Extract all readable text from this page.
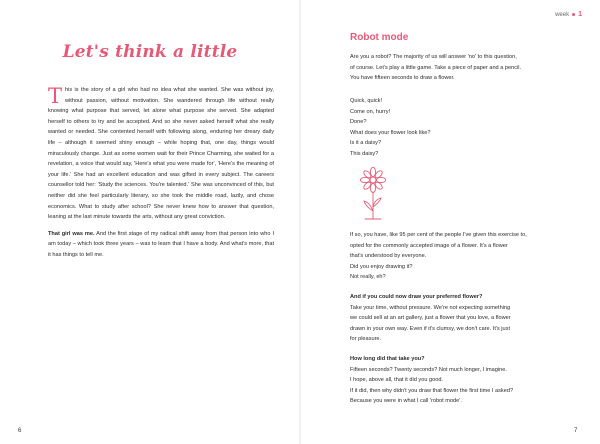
Let's think a little

This is the story of a girl who had no idea what she wanted. She was without joy, without passion, without motivation. She wandered through life without really knowing what purpose that served, let alone what purpose she served. She adapted herself to others to try and be accepted. And so she never asked herself what she really wanted or needed. She contented herself with following along, enduring her dreary daily life – although it seemed shiny enough – while hoping that, one day, things would miraculously change. Just as some women wait for their Prince Charming, she waited for a revelation, a voice that would say, 'Here's what you were made for', 'Here's the meaning of your life.' She had an excellent education and was gifted in every subject. The careers counsellor told her: 'Study the sciences. You're talented.' She was unconvinced of this, but neither did she feel particularly literary, so she took the middle road, lazily, and chose economics. What to study after school? She never knew how to answer that question, leaning at the last minute towards the arts, without any great conviction.

That girl was me. And the first stage of my radical shift away from that person into who I am today – which took three years – was to learn that I have a body. And what's more, that it has things to tell me.

6
week 1
Robot mode
Are you a robot? The majority of us will answer 'no' to this question,
of course. Let's play a little game. Take a piece of paper and a pencil.
You have fifteen seconds to draw a flower.
Quick, quick!
Come on, hurry!
Done?
What does your flower look like?
Is it a daisy?
This daisy?
If so, you have, like 95 per cent of the people I've given this exercise to,
opted for the commonly accepted image of a flower. It's a flower
that's understood by everyone.
Did you enjoy drawing it?
Not really, eh?
And if you could now draw your preferred flower?
Take your time, without pressure. We're not expecting something
we could sell at an art gallery, just a flower that you love, a flower
drawn in your own way. Even if it's clumsy, we don't care. It's just
for pleasure.
How long did that take you?
Fifteen seconds? Twenty seconds? Not much longer, I imagine.
I hope, above all, that it did you good.
If it did, then why didn't you draw that flower the first time I asked?
Because you were in what I call 'robot mode'.
7
